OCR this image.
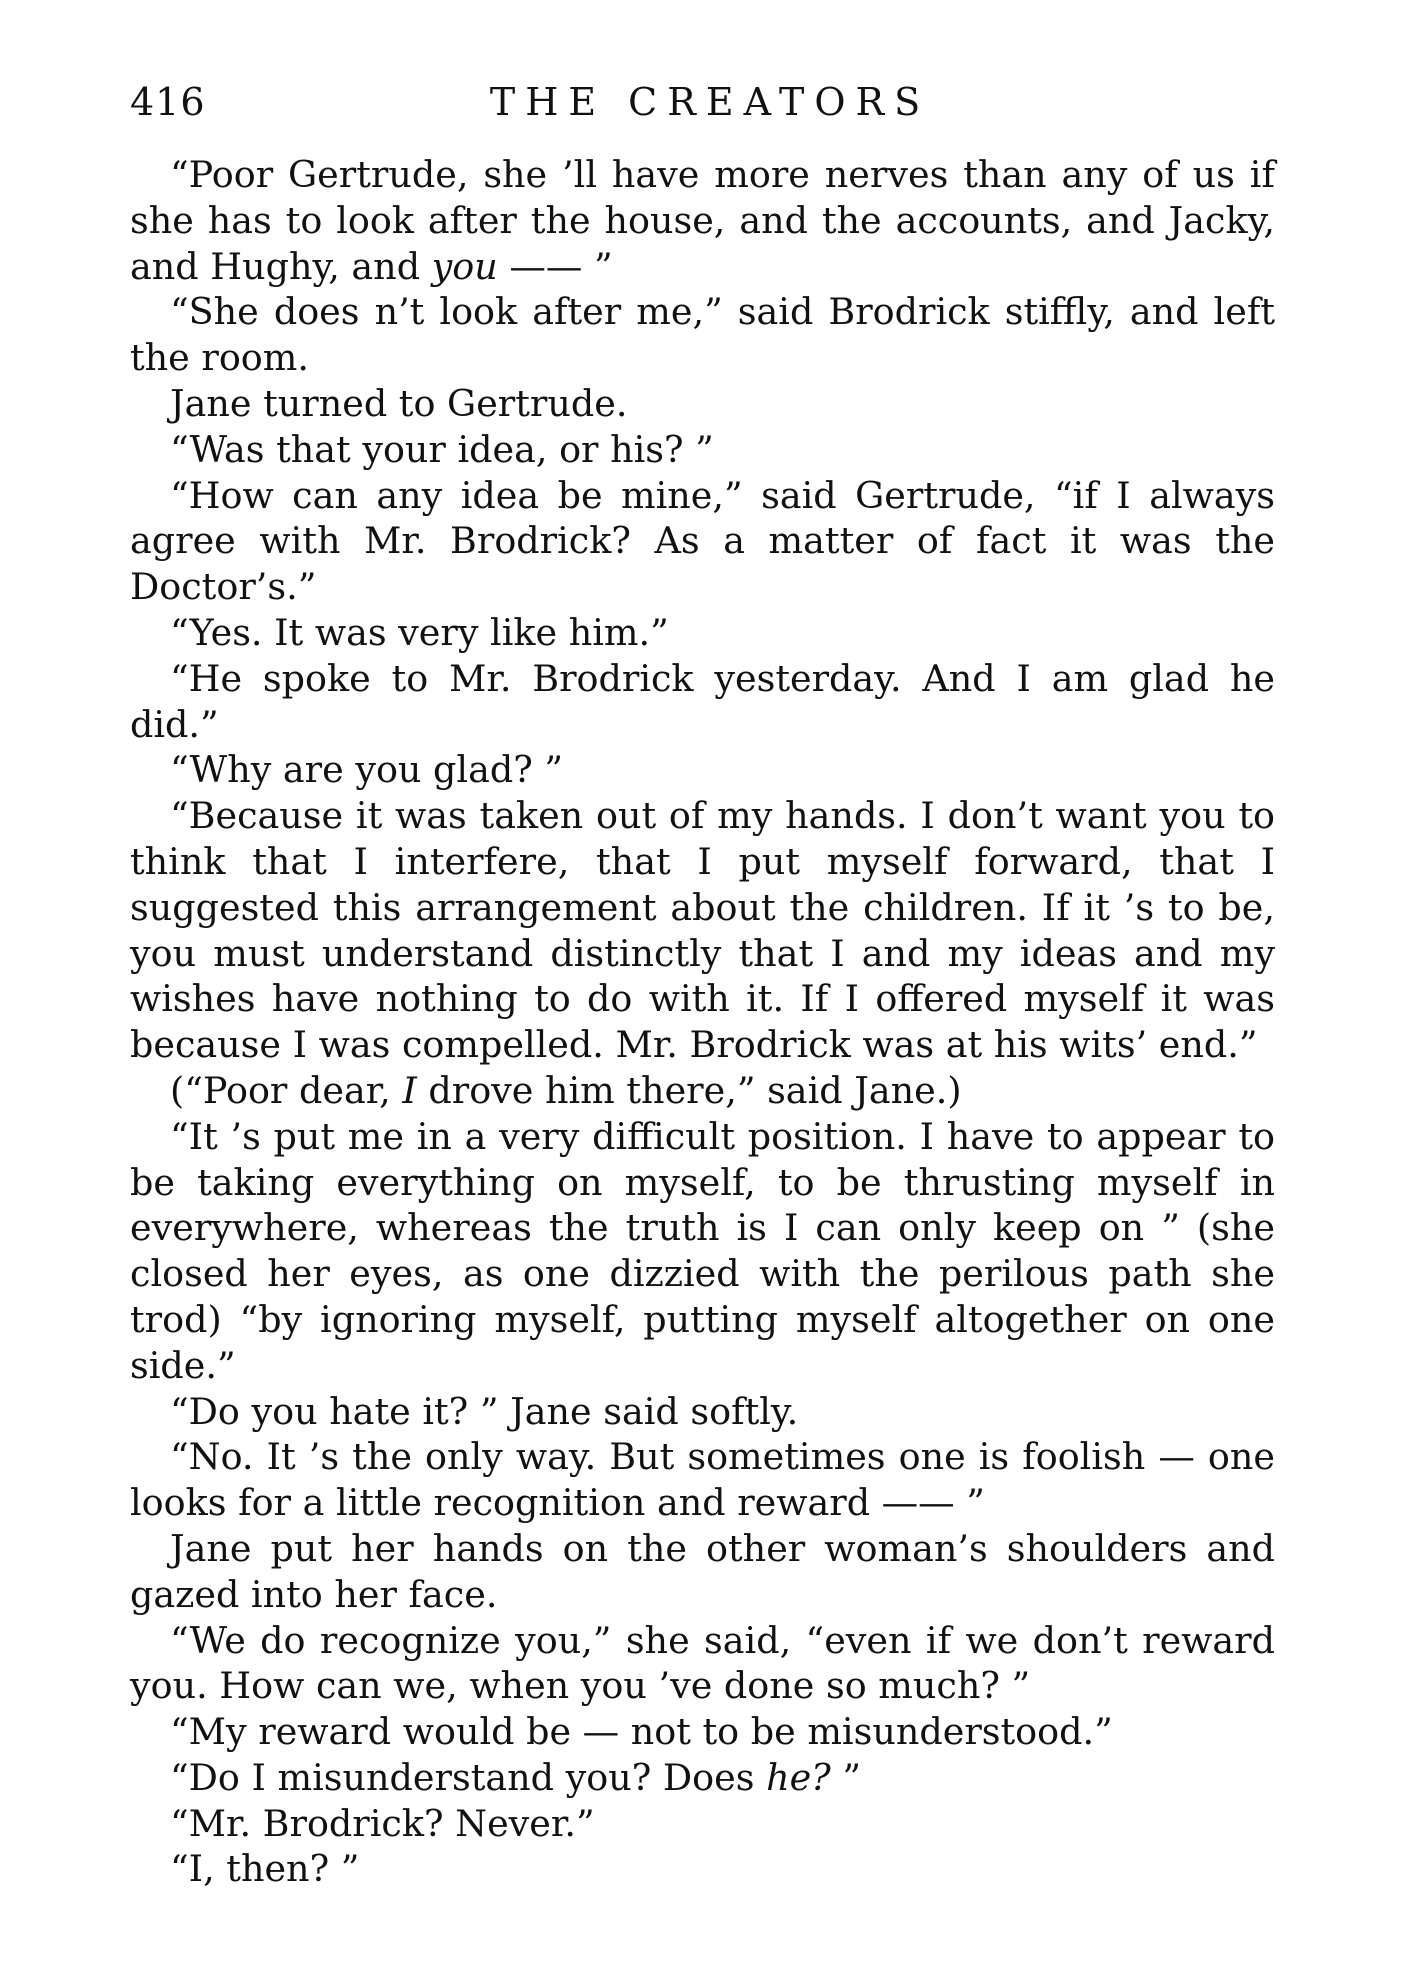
416	THE CREATORS

“Poor Gertrude, she ’ll have more nerves than any of us if she has to look after the house, and the accounts, and Jacky, and Hughy, and you —— ”

“She does n’t look after me,” said Brodrick stiffly, and left the room.

Jane turned to Gertrude.

“Was that your idea, or his? ”

“How can any idea be mine,” said Gertrude, “if I always agree with Mr. Brodrick? As a matter of fact it was the Doctor’s.”

“Yes. It was very like him.”

“He spoke to Mr. Brodrick yesterday. And I am glad he did.”

“Why are you glad? ”

“Because it was taken out of my hands. I don’t want you to think that I interfere, that I put myself forward, that I suggested this arrangement about the children. If it ’s to be, you must understand distinctly that I and my ideas and my wishes have nothing to do with it. If I offered myself it was because I was compelled. Mr. Brodrick was at his wits’ end.”

(“Poor dear, I drove him there,” said Jane.)

“It ’s put me in a very difficult position. I have to appear to be taking everything on myself, to be thrusting myself in everywhere, whereas the truth is I can only keep on ” (she closed her eyes, as one dizzied with the perilous path she trod) “by ignoring myself, putting myself altogether on one side.”

“Do you hate it? ” Jane said softly.

“No. It ’s the only way. But sometimes one is foolish — one looks for a little recognition and reward —— ”

Jane put her hands on the other woman’s shoulders and gazed into her face.

“We do recognize you,” she said, “even if we don’t reward you. How can we, when you ’ve done so much? ”

“My reward would be — not to be misunderstood.”

“Do I misunderstand you? Does he? ”

“Mr. Brodrick? Never.”

“I, then? ”
